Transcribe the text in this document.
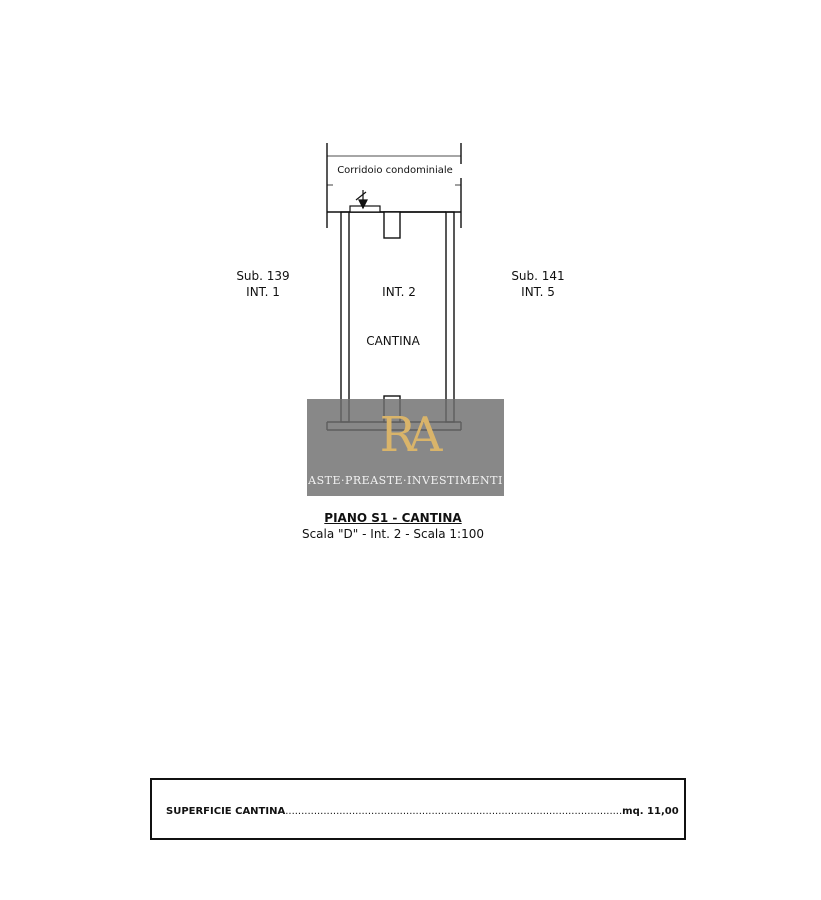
Corridoio condominiale
Sub. 139
INT. 1
Sub. 141
INT. 5
INT. 2
CANTINA
RA
ASTE·PREASTE·INVESTIMENTI
PIANO S1 - CANTINA
Scala "D" - Int. 2 - Scala 1:100
SUPERFICIE CANTINA..........................................................................................................mq. 11,00
